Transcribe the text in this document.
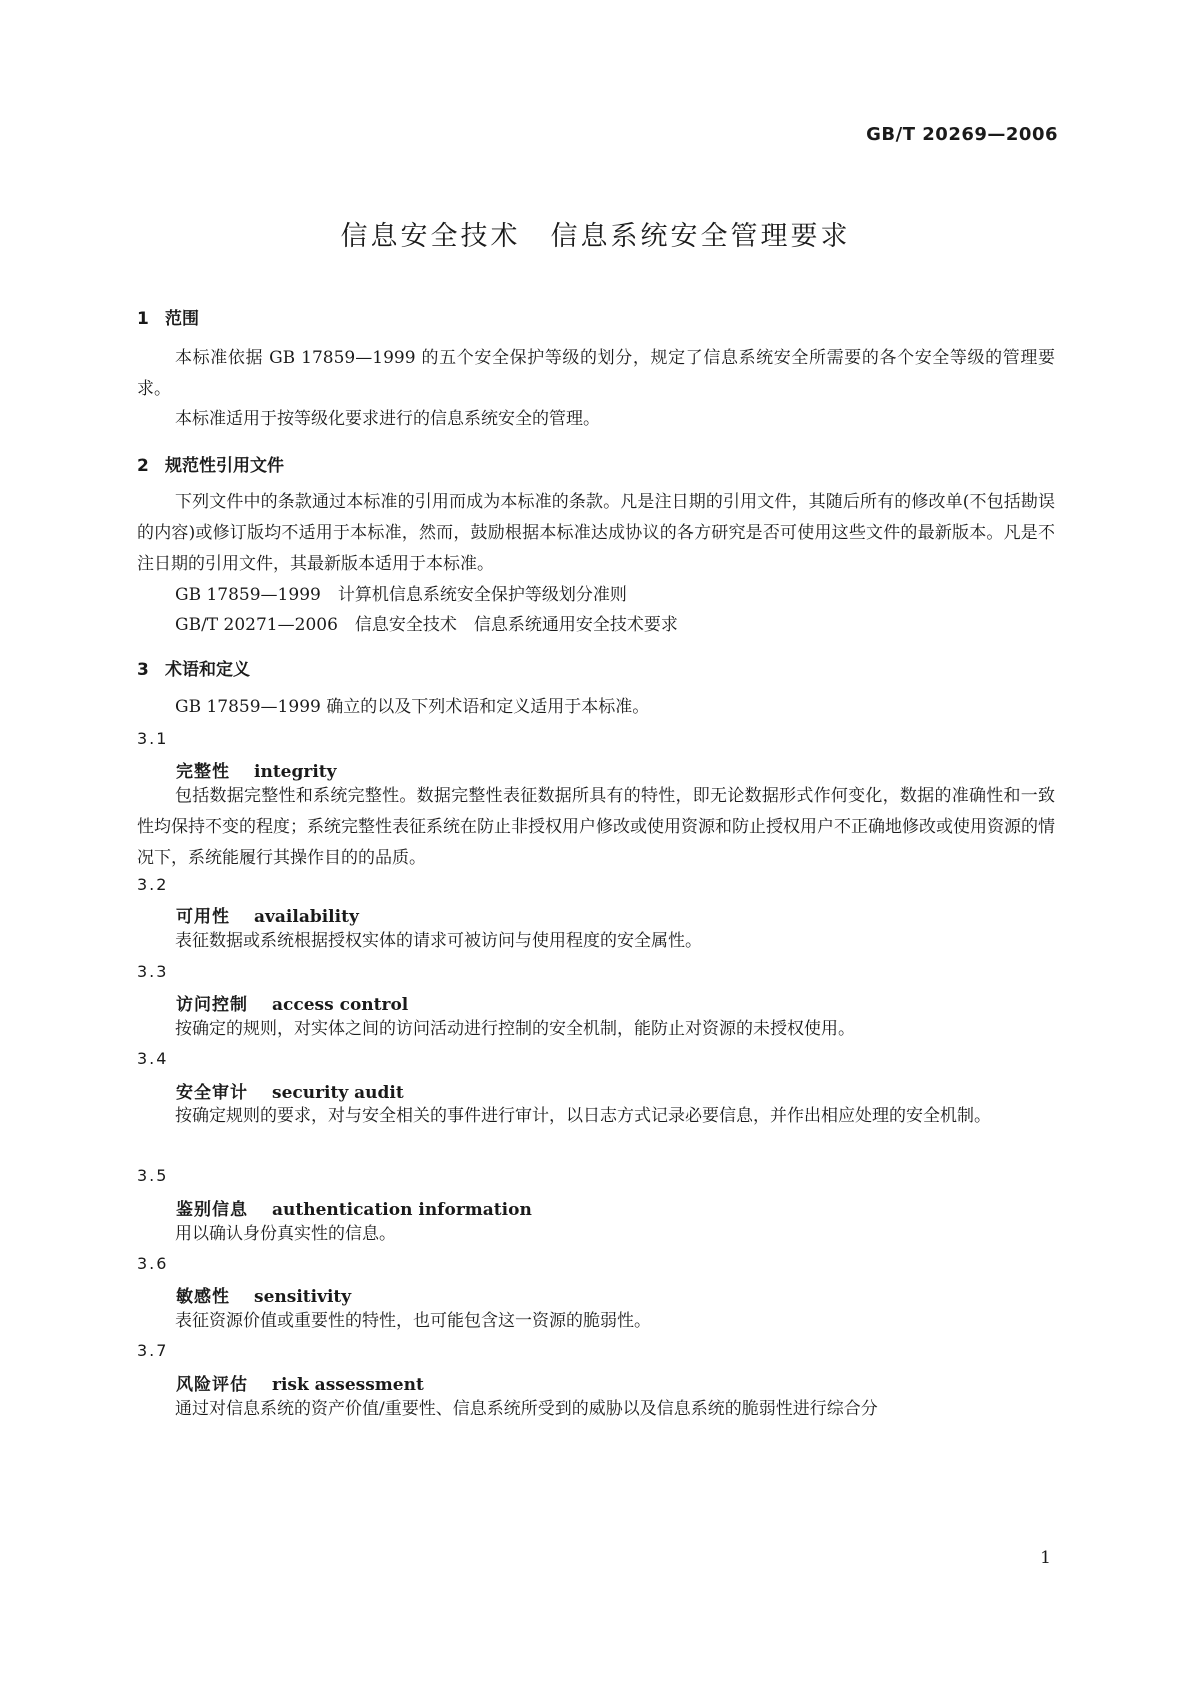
GB/T 20269—2006
信息安全技术　信息系统安全管理要求
1 范围
本标准依据 GB 17859—1999 的五个安全保护等级的划分，规定了信息系统安全所需要的各个安全等级的管理要求。
本标准适用于按等级化要求进行的信息系统安全的管理。
2 规范性引用文件
下列文件中的条款通过本标准的引用而成为本标准的条款。凡是注日期的引用文件，其随后所有的修改单(不包括勘误的内容)或修订版均不适用于本标准，然而，鼓励根据本标准达成协议的各方研究是否可使用这些文件的最新版本。凡是不注日期的引用文件，其最新版本适用于本标准。
GB 17859—1999　计算机信息系统安全保护等级划分准则
GB/T 20271—2006　信息安全技术　信息系统通用安全技术要求
3 术语和定义
GB 17859—1999 确立的以及下列术语和定义适用于本标准。
3.1
完整性 integrity
包括数据完整性和系统完整性。数据完整性表征数据所具有的特性，即无论数据形式作何变化，数据的准确性和一致性均保持不变的程度；系统完整性表征系统在防止非授权用户修改或使用资源和防止授权用户不正确地修改或使用资源的情况下，系统能履行其操作目的的品质。
3.2
可用性 availability
表征数据或系统根据授权实体的请求可被访问与使用程度的安全属性。
3.3
访问控制 access control
按确定的规则，对实体之间的访问活动进行控制的安全机制，能防止对资源的未授权使用。
3.4
安全审计 security audit
按确定规则的要求，对与安全相关的事件进行审计，以日志方式记录必要信息，并作出相应处理的安全机制。
3.5
鉴别信息 authentication information
用以确认身份真实性的信息。
3.6
敏感性 sensitivity
表征资源价值或重要性的特性，也可能包含这一资源的脆弱性。
3.7
风险评估 risk assessment
通过对信息系统的资产价值/重要性、信息系统所受到的威胁以及信息系统的脆弱性进行综合分
1
